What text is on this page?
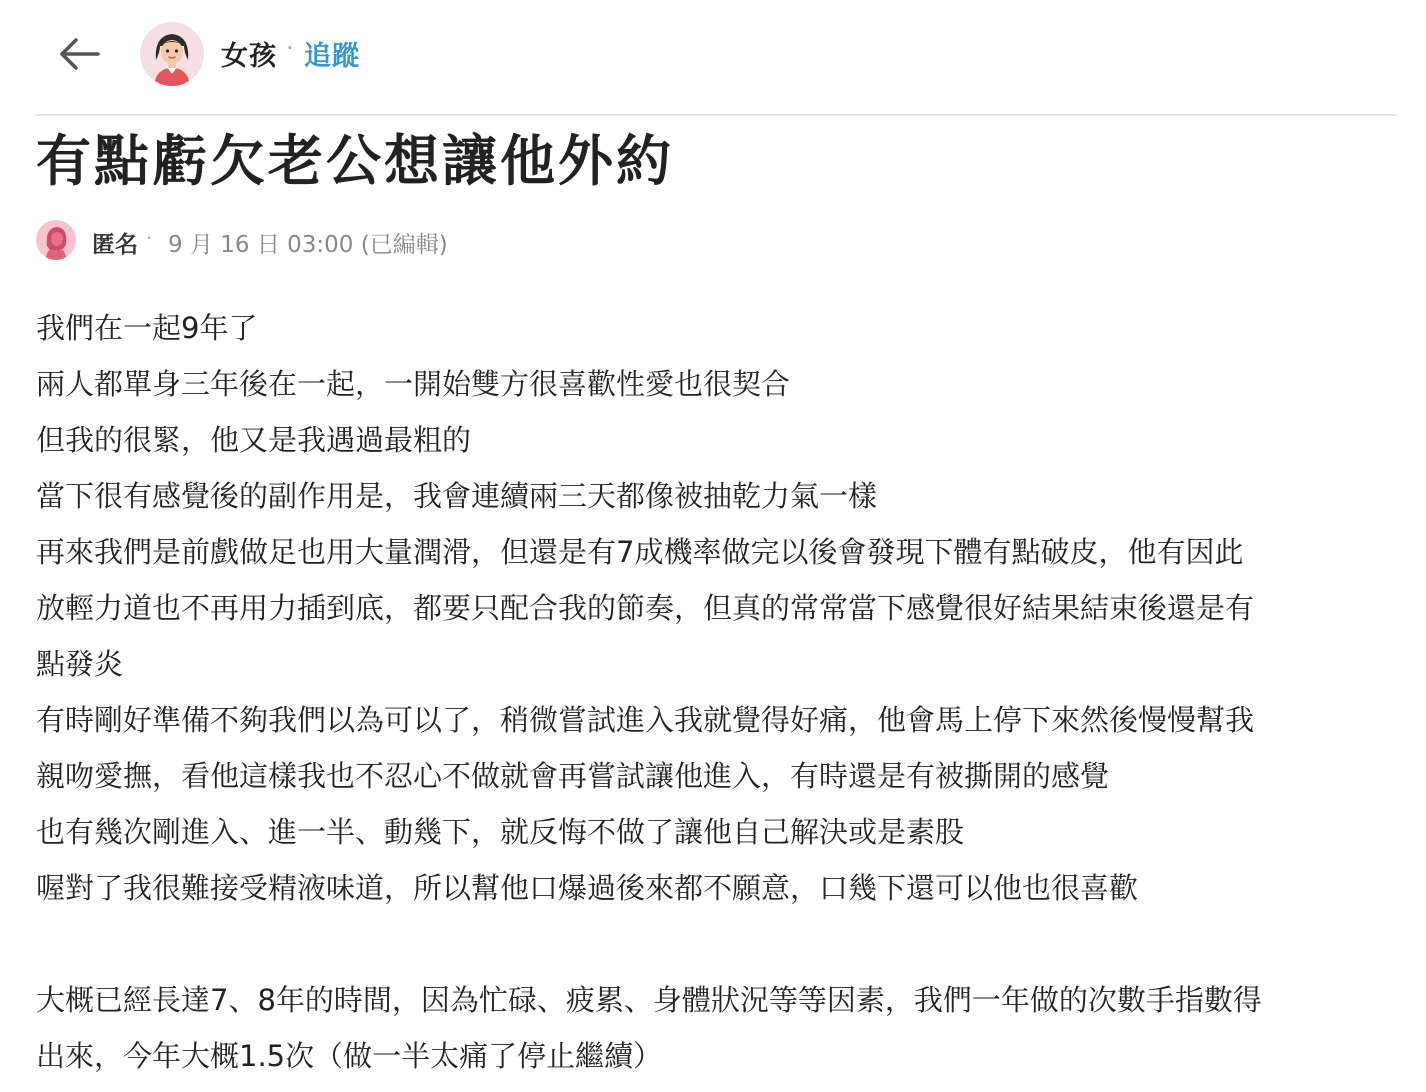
女孩 · 追蹤
有點虧欠老公想讓他外約
匿名 · 9 月 16 日 03:00 (已編輯)

我們在一起9年了

兩人都單身三年後在一起，一開始雙方很喜歡性愛也很契合

但我的很緊，他又是我遇過最粗的

當下很有感覺後的副作用是，我會連續兩三天都像被抽乾力氣一樣

再來我們是前戲做足也用大量潤滑，但還是有7成機率做完以後會發現下體有點破皮，他有因此

放輕力道也不再用力插到底，都要只配合我的節奏，但真的常常當下感覺很好結果結束後還是有

點發炎

有時剛好準備不夠我們以為可以了，稍微嘗試進入我就覺得好痛，他會馬上停下來然後慢慢幫我

親吻愛撫，看他這樣我也不忍心不做就會再嘗試讓他進入，有時還是有被撕開的感覺

也有幾次剛進入、進一半、動幾下，就反悔不做了讓他自己解決或是素股

喔對了我很難接受精液味道，所以幫他口爆過後來都不願意，口幾下還可以他也很喜歡

大概已經長達7、8年的時間，因為忙碌、疲累、身體狀況等等因素，我們一年做的次數手指數得

出來，今年大概1.5次（做一半太痛了停止繼續）
